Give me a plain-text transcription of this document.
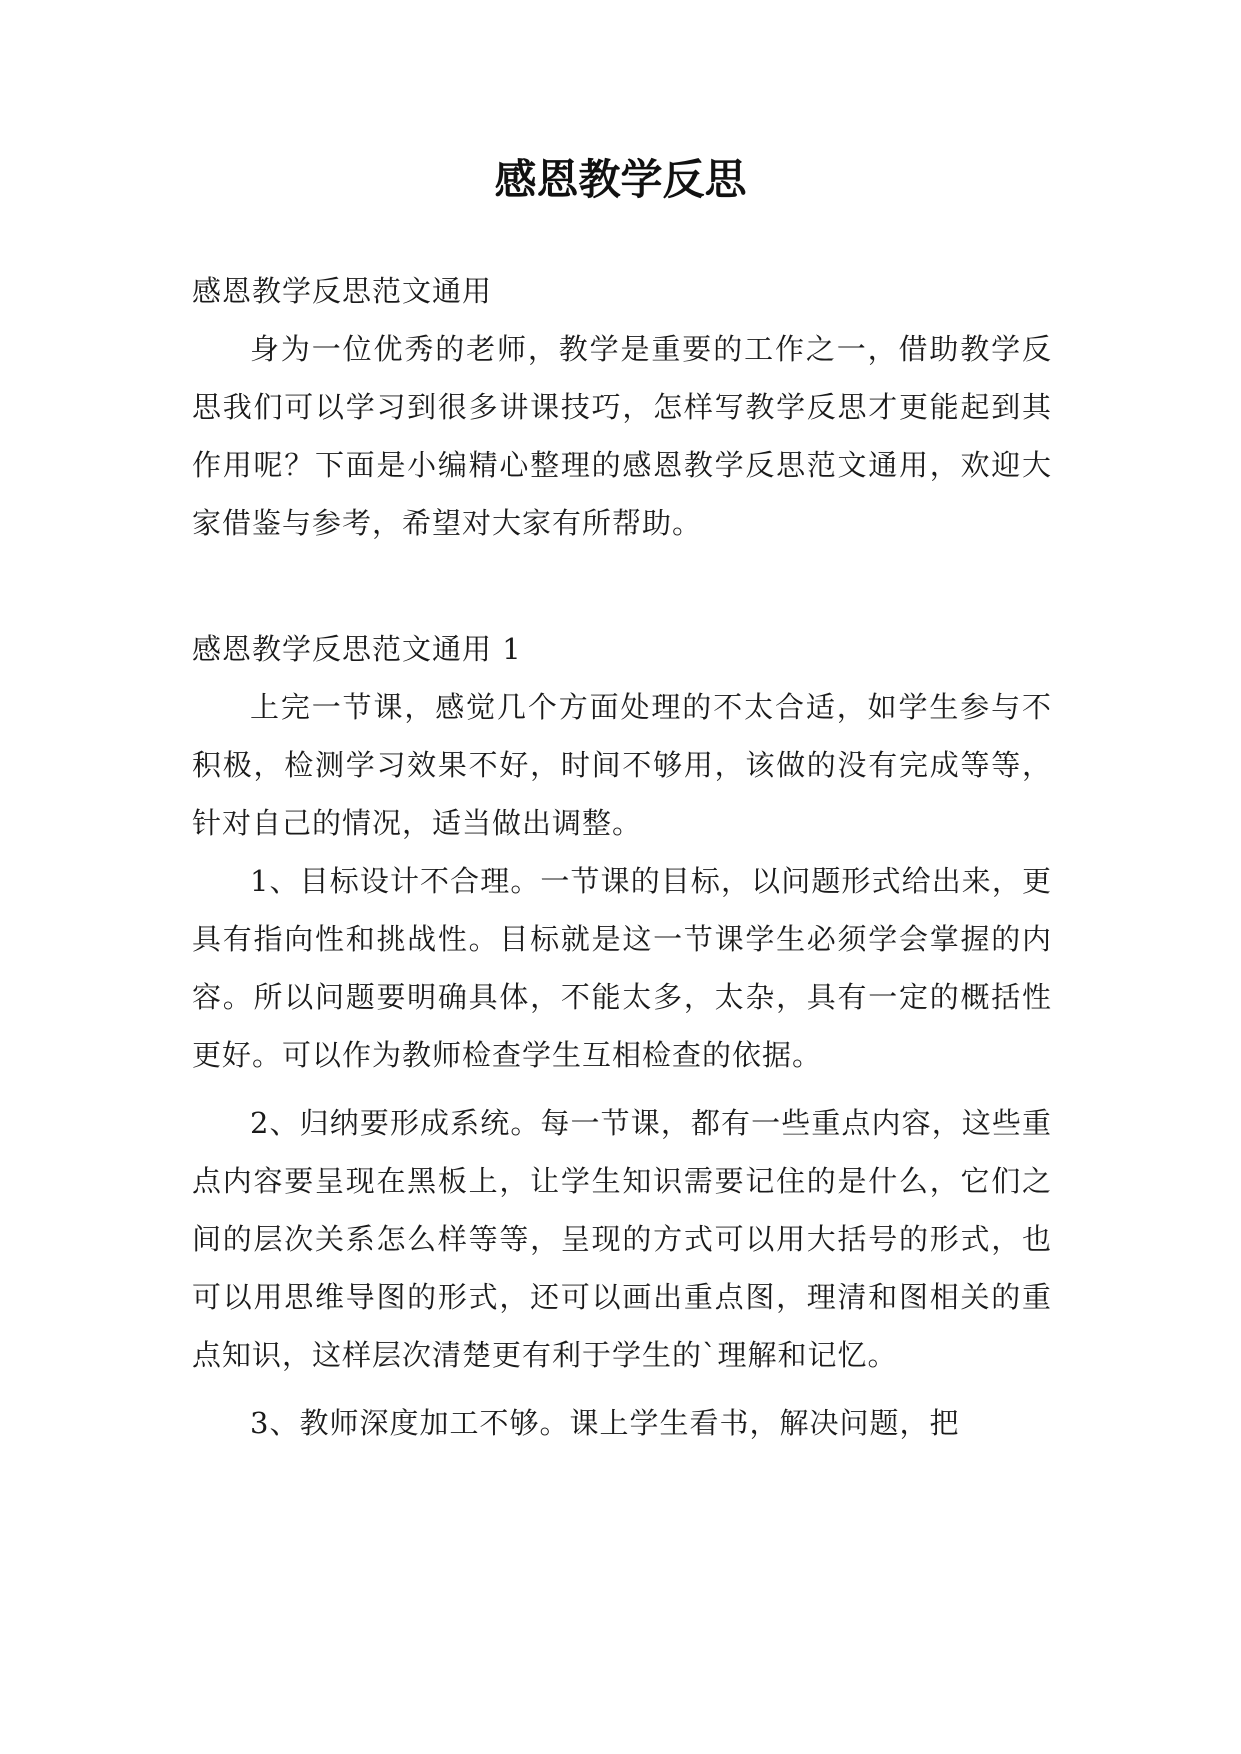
感恩教学反思
感恩教学反思范文通用

身为一位优秀的老师，教学是重要的工作之一，借助教学反思我们可以学习到很多讲课技巧，怎样写教学反思才更能起到其作用呢？下面是小编精心整理的感恩教学反思范文通用，欢迎大家借鉴与参考，希望对大家有所帮助。

感恩教学反思范文通用 1

上完一节课，感觉几个方面处理的不太合适，如学生参与不积极，检测学习效果不好，时间不够用，该做的没有完成等等，针对自己的情况，适当做出调整。

1、目标设计不合理。一节课的目标，以问题形式给出来，更具有指向性和挑战性。目标就是这一节课学生必须学会掌握的内容。所以问题要明确具体，不能太多，太杂，具有一定的概括性更好。可以作为教师检查学生互相检查的依据。

2、归纳要形成系统。每一节课，都有一些重点内容，这些重点内容要呈现在黑板上，让学生知识需要记住的是什么，它们之间的层次关系怎么样等等，呈现的方式可以用大括号的形式，也可以用思维导图的形式，还可以画出重点图，理清和图相关的重点知识，这样层次清楚更有利于学生的`理解和记忆。

3、教师深度加工不够。课上学生看书，解决问题，把
